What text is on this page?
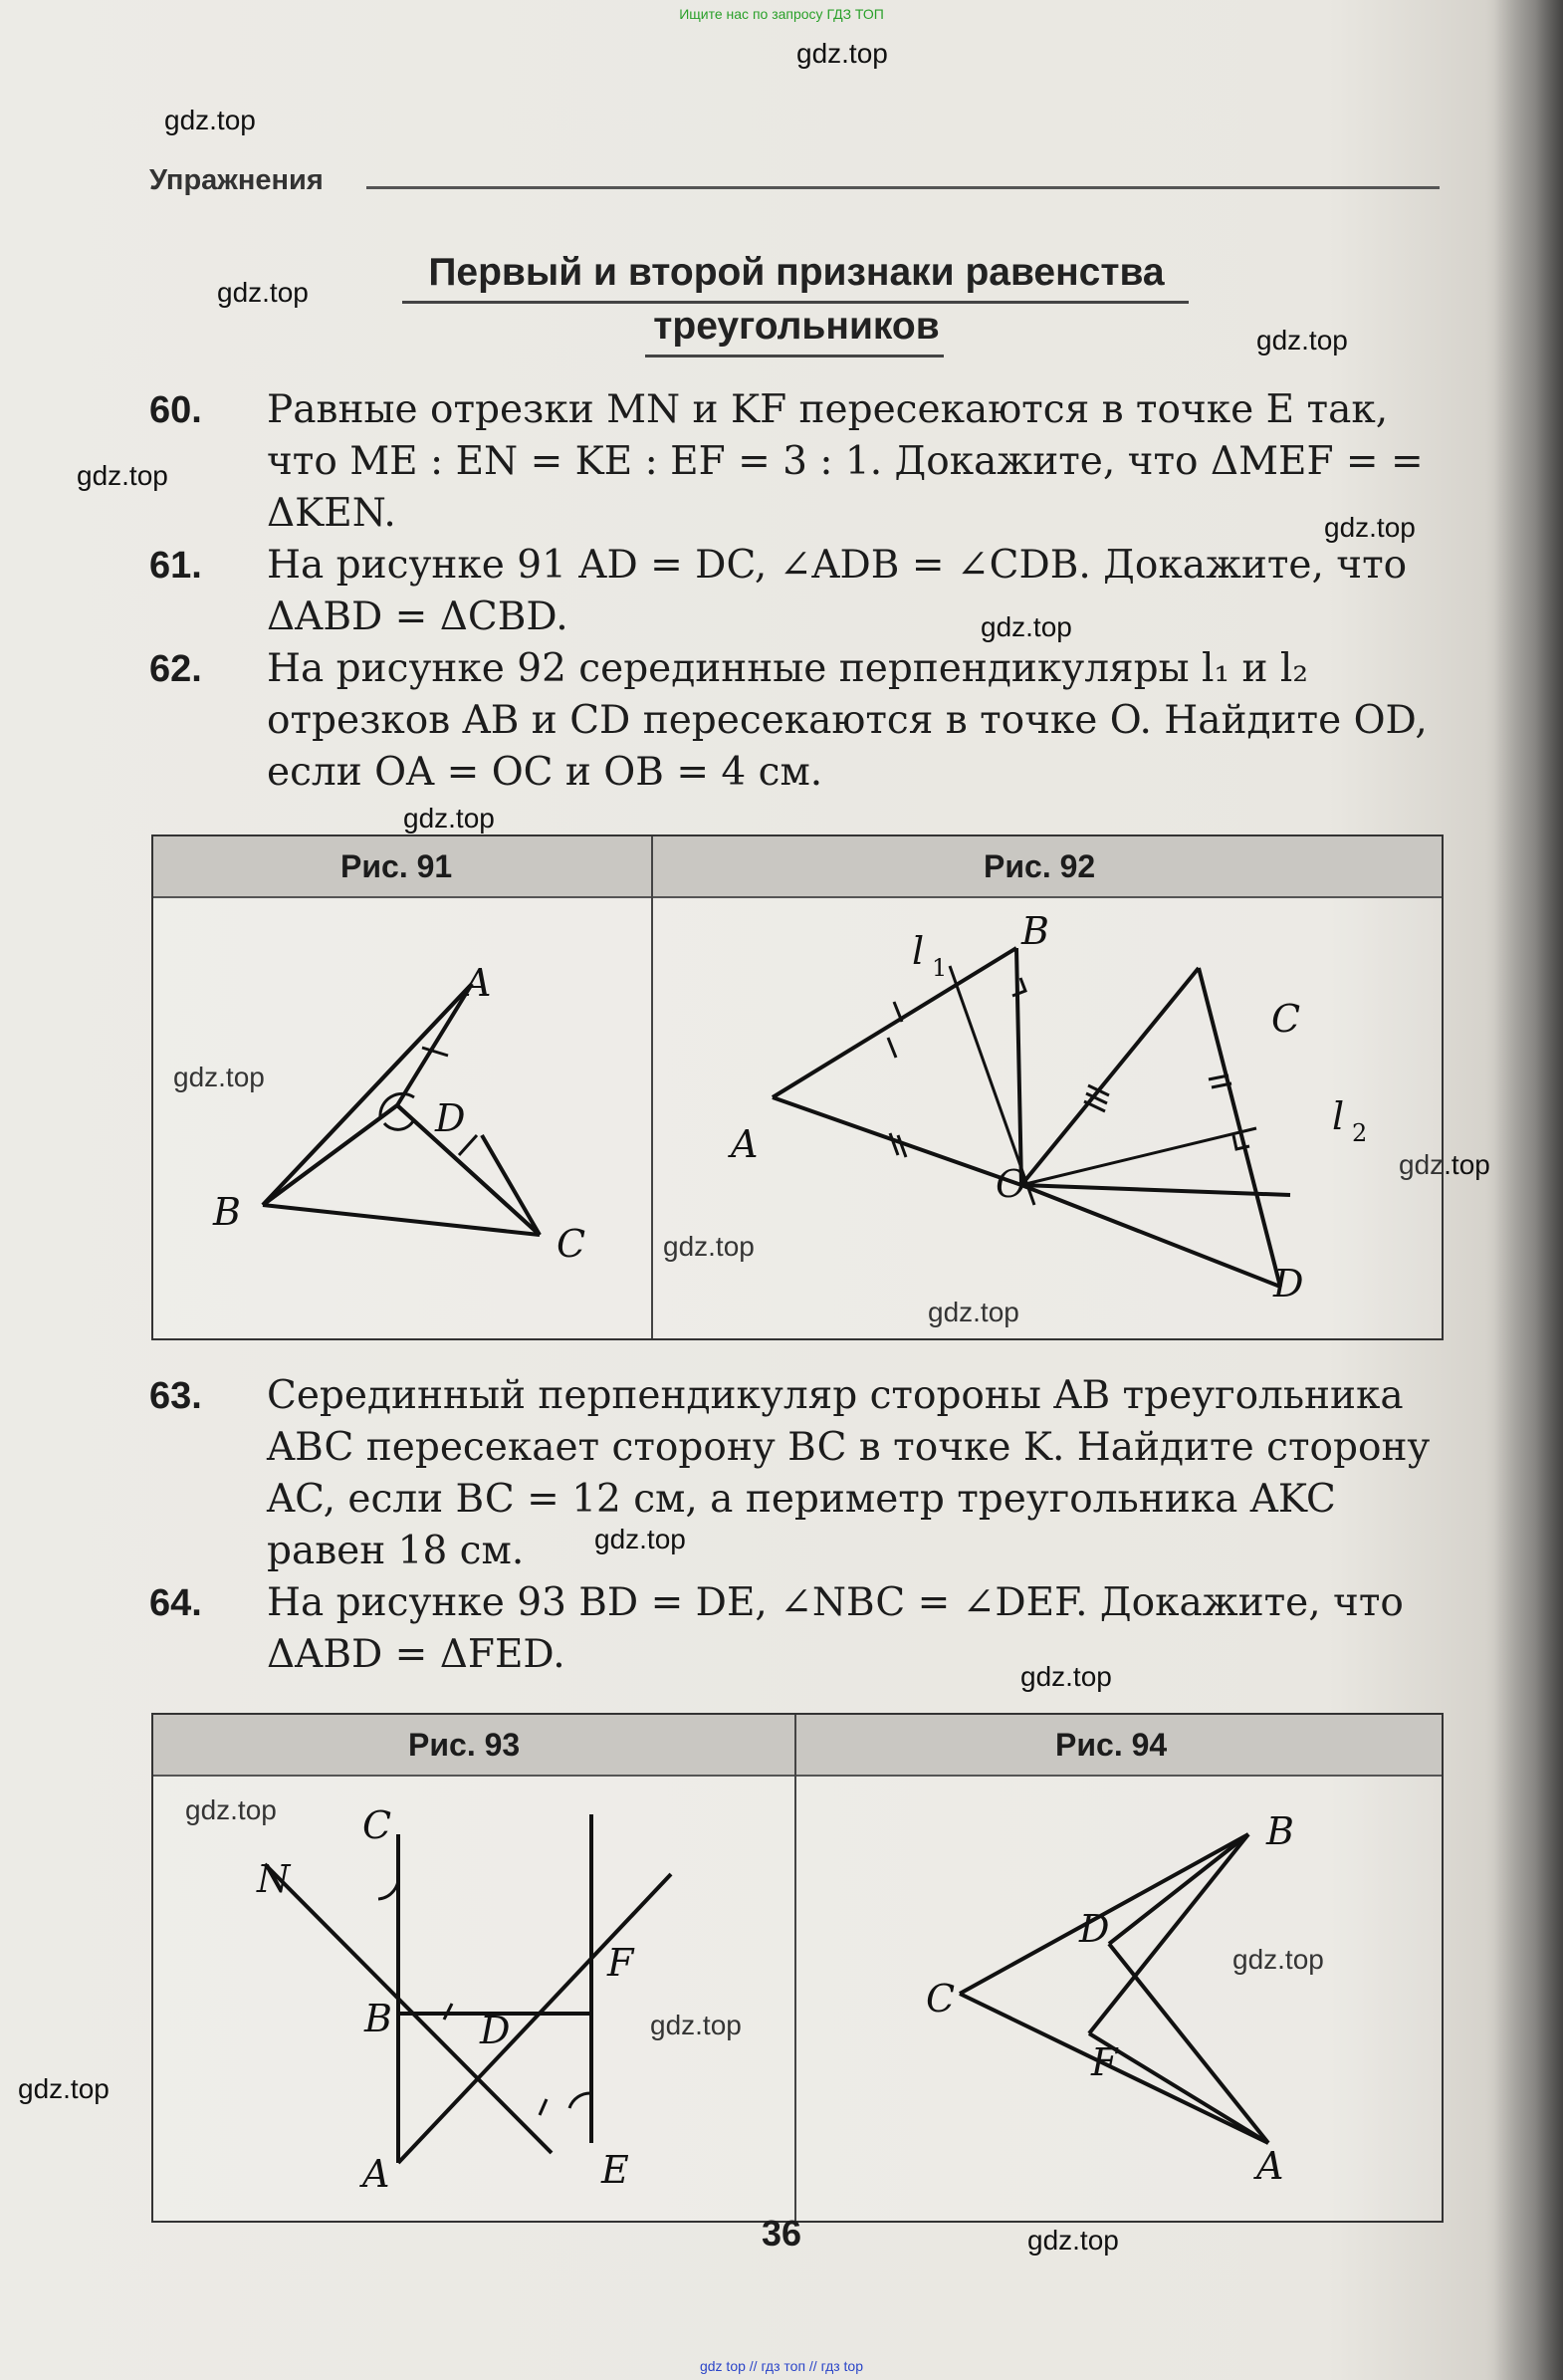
Ищите нас по запросу ГДЗ ТОП
gdz.top
gdz.top
gdz.top
gdz.top
gdz.top
gdz.top
gdz.top
gdz.top
gdz.top
gdz.top
gdz.top
gdz.top
gdz.top
gdz.top
gdz.top
gdz.top
gdz.top
gdz.top
gdz.top
Упражнения
Первый и второй признаки равенства
треугольников
60. Равные отрезки MN и KF пересекаются в точке E так, что ME : EN = KE : EF = 3 : 1. Докажите, что ΔMEF = = ΔKEN.
61. На рисунке 91 AD = DC, ∠ADB = ∠CDB. Докажите, что ΔABD = ΔCBD.
62. На рисунке 92 серединные перпендикуляры l₁ и l₂ отрезков AB и CD пересекаются в точке O. Найдите OD, если OA = OC и OB = 4 см.
Рис. 91	Рис. 92
A
B
C
D
A
B
C
D
O
l 1
l 2
63. Серединный перпендикуляр стороны AB треугольника ABC пересекает сторону BC в точке K. Найдите сторону AC, если BC = 12 см, а периметр треугольника AKC равен 18 см.
64. На рисунке 93 BD = DE, ∠NBC = ∠DEF. Докажите, что ΔABD = ΔFED.
Рис. 93	Рис. 94
C
N
B D
F
A	E
D
B
C
F
A
36
gdz top // гдз топ // гдз top
